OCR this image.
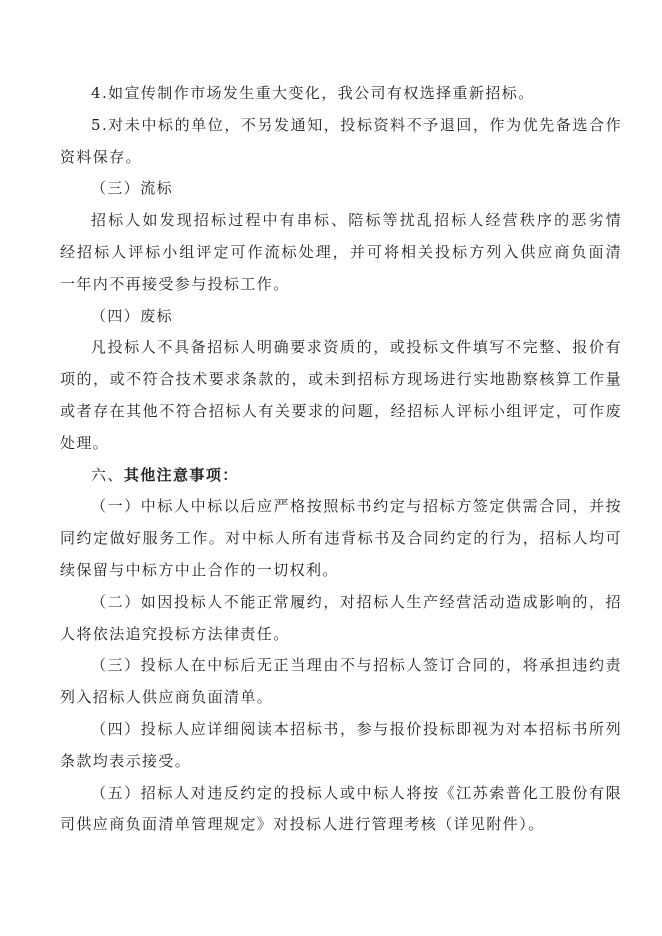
4.如宣传制作市场发生重大变化，我公司有权选择重新招标。
5.对未中标的单位，不另发通知，投标资料不予退回，作为优先备选合作
资料保存。
（三）流标
招标人如发现招标过程中有串标、陪标等扰乱招标人经营秩序的恶劣情
经招标人评标小组评定可作流标处理，并可将相关投标方列入供应商负面清
一年内不再接受参与投标工作。
（四）废标
凡投标人不具备招标人明确要求资质的，或投标文件填写不完整、报价有
项的，或不符合技术要求条款的，或未到招标方现场进行实地勘察核算工作量
或者存在其他不符合招标人有关要求的问题，经招标人评标小组评定，可作废
处理。
六、其他注意事项：
（一）中标人中标以后应严格按照标书约定与招标方签定供需合同，并按
同约定做好服务工作。对中标人所有违背标书及合同约定的行为，招标人均可
续保留与中标方中止合作的一切权利。
（二）如因投标人不能正常履约，对招标人生产经营活动造成影响的，招
人将依法追究投标方法律责任。
（三）投标人在中标后无正当理由不与招标人签订合同的，将承担违约责
列入招标人供应商负面清单。
（四）投标人应详细阅读本招标书，参与报价投标即视为对本招标书所列
条款均表示接受。
（五）招标人对违反约定的投标人或中标人将按《江苏索普化工股份有限
司供应商负面清单管理规定》对投标人进行管理考核（详见附件）。
